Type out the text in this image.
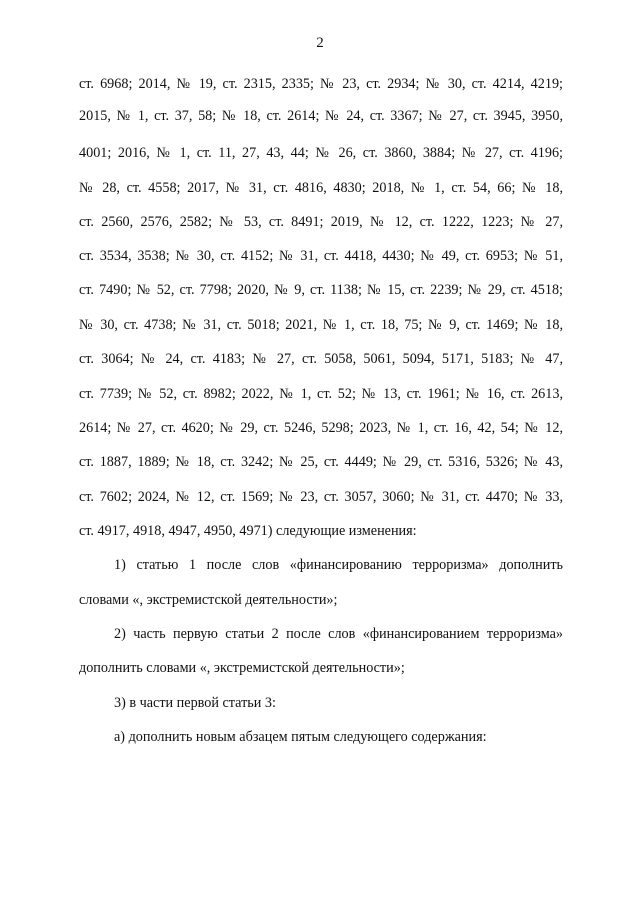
2
ст. 6968; 2014, № 19, ст. 2315, 2335; № 23, ст. 2934; № 30, ст. 4214, 4219;
2015, № 1, ст. 37, 58; № 18, ст. 2614; № 24, ст. 3367; № 27, ст. 3945, 3950,
4001; 2016, № 1, ст. 11, 27, 43, 44; № 26, ст. 3860, 3884; № 27, ст. 4196;
№ 28, ст. 4558; 2017, № 31, ст. 4816, 4830; 2018, № 1, ст. 54, 66; № 18,
ст. 2560, 2576, 2582; № 53, ст. 8491; 2019, № 12, ст. 1222, 1223; № 27,
ст. 3534, 3538; № 30, ст. 4152; № 31, ст. 4418, 4430; № 49, ст. 6953; № 51,
ст. 7490; № 52, ст. 7798; 2020, № 9, ст. 1138; № 15, ст. 2239; № 29, ст. 4518;
№ 30, ст. 4738; № 31, ст. 5018; 2021, № 1, ст. 18, 75; № 9, ст. 1469; № 18,
ст. 3064; № 24, ст. 4183; № 27, ст. 5058, 5061, 5094, 5171, 5183; № 47,
ст. 7739; № 52, ст. 8982; 2022, № 1, ст. 52; № 13, ст. 1961; № 16, ст. 2613,
2614; № 27, ст. 4620; № 29, ст. 5246, 5298; 2023, № 1, ст. 16, 42, 54; № 12,
ст. 1887, 1889; № 18, ст. 3242; № 25, ст. 4449; № 29, ст. 5316, 5326; № 43,
ст. 7602; 2024, № 12, ст. 1569; № 23, ст. 3057, 3060; № 31, ст. 4470; № 33,
ст. 4917, 4918, 4947, 4950, 4971) следующие изменения:
1) статью 1 после слов «финансированию терроризма» дополнить
словами «, экстремистской деятельности»;
2) часть первую статьи 2 после слов «финансированием терроризма»
дополнить словами «, экстремистской деятельности»;
3) в части первой статьи 3:
а) дополнить новым абзацем пятым следующего содержания:
